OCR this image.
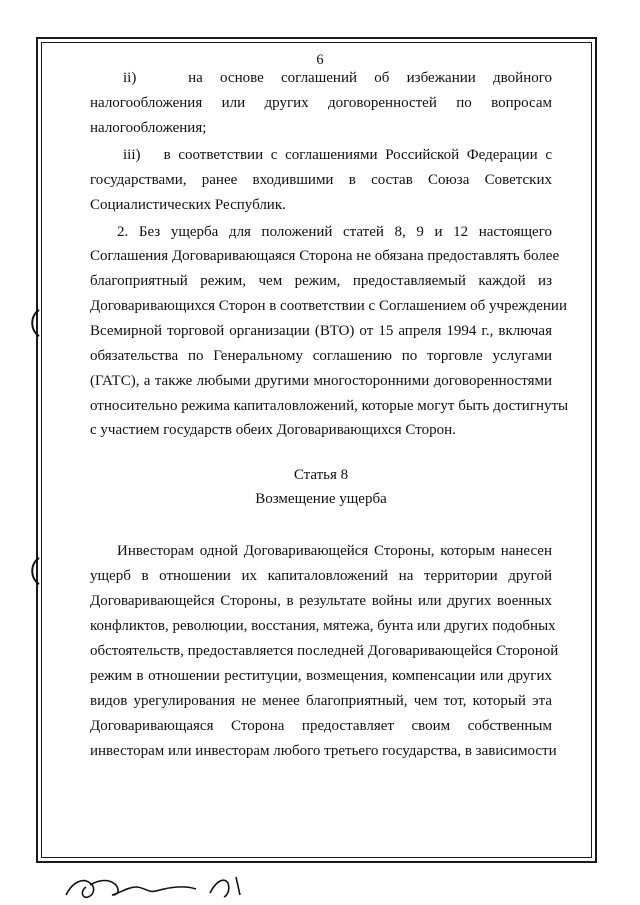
6
ii)   на основе соглашений об избежании двойного
налогообложения или других договоренностей по вопросам
налогообложения;
iii)   в соответствии с соглашениями Российской Федерации с
государствами, ранее входившими в состав Союза Советских
Социалистических Республик.
2. Без ущерба для положений статей 8, 9 и 12 настоящего
Соглашения Договаривающаяся Сторона не обязана предоставлять более
благоприятный режим, чем режим, предоставляемый каждой из
Договаривающихся Сторон в соответствии с Соглашением об учреждении
Всемирной торговой организации (ВТО) от 15 апреля 1994 г., включая
обязательства по Генеральному соглашению по торговле услугами
(ГАТС), а также любыми другими многосторонними договоренностями
относительно режима капиталовложений, которые могут быть достигнуты
с участием государств обеих Договаривающихся Сторон.
Статья 8
Возмещение ущерба
Инвесторам одной Договаривающейся Стороны, которым нанесен
ущерб в отношении их капиталовложений на территории другой
Договаривающейся Стороны, в результате войны или других военных
конфликтов, революции, восстания, мятежа, бунта или других подобных
обстоятельств, предоставляется последней Договаривающейся Стороной
режим в отношении реституции, возмещения, компенсации или других
видов урегулирования не менее благоприятный, чем тот, который эта
Договаривающаяся Сторона предоставляет своим собственным
инвесторам или инвесторам любого третьего государства, в зависимости
